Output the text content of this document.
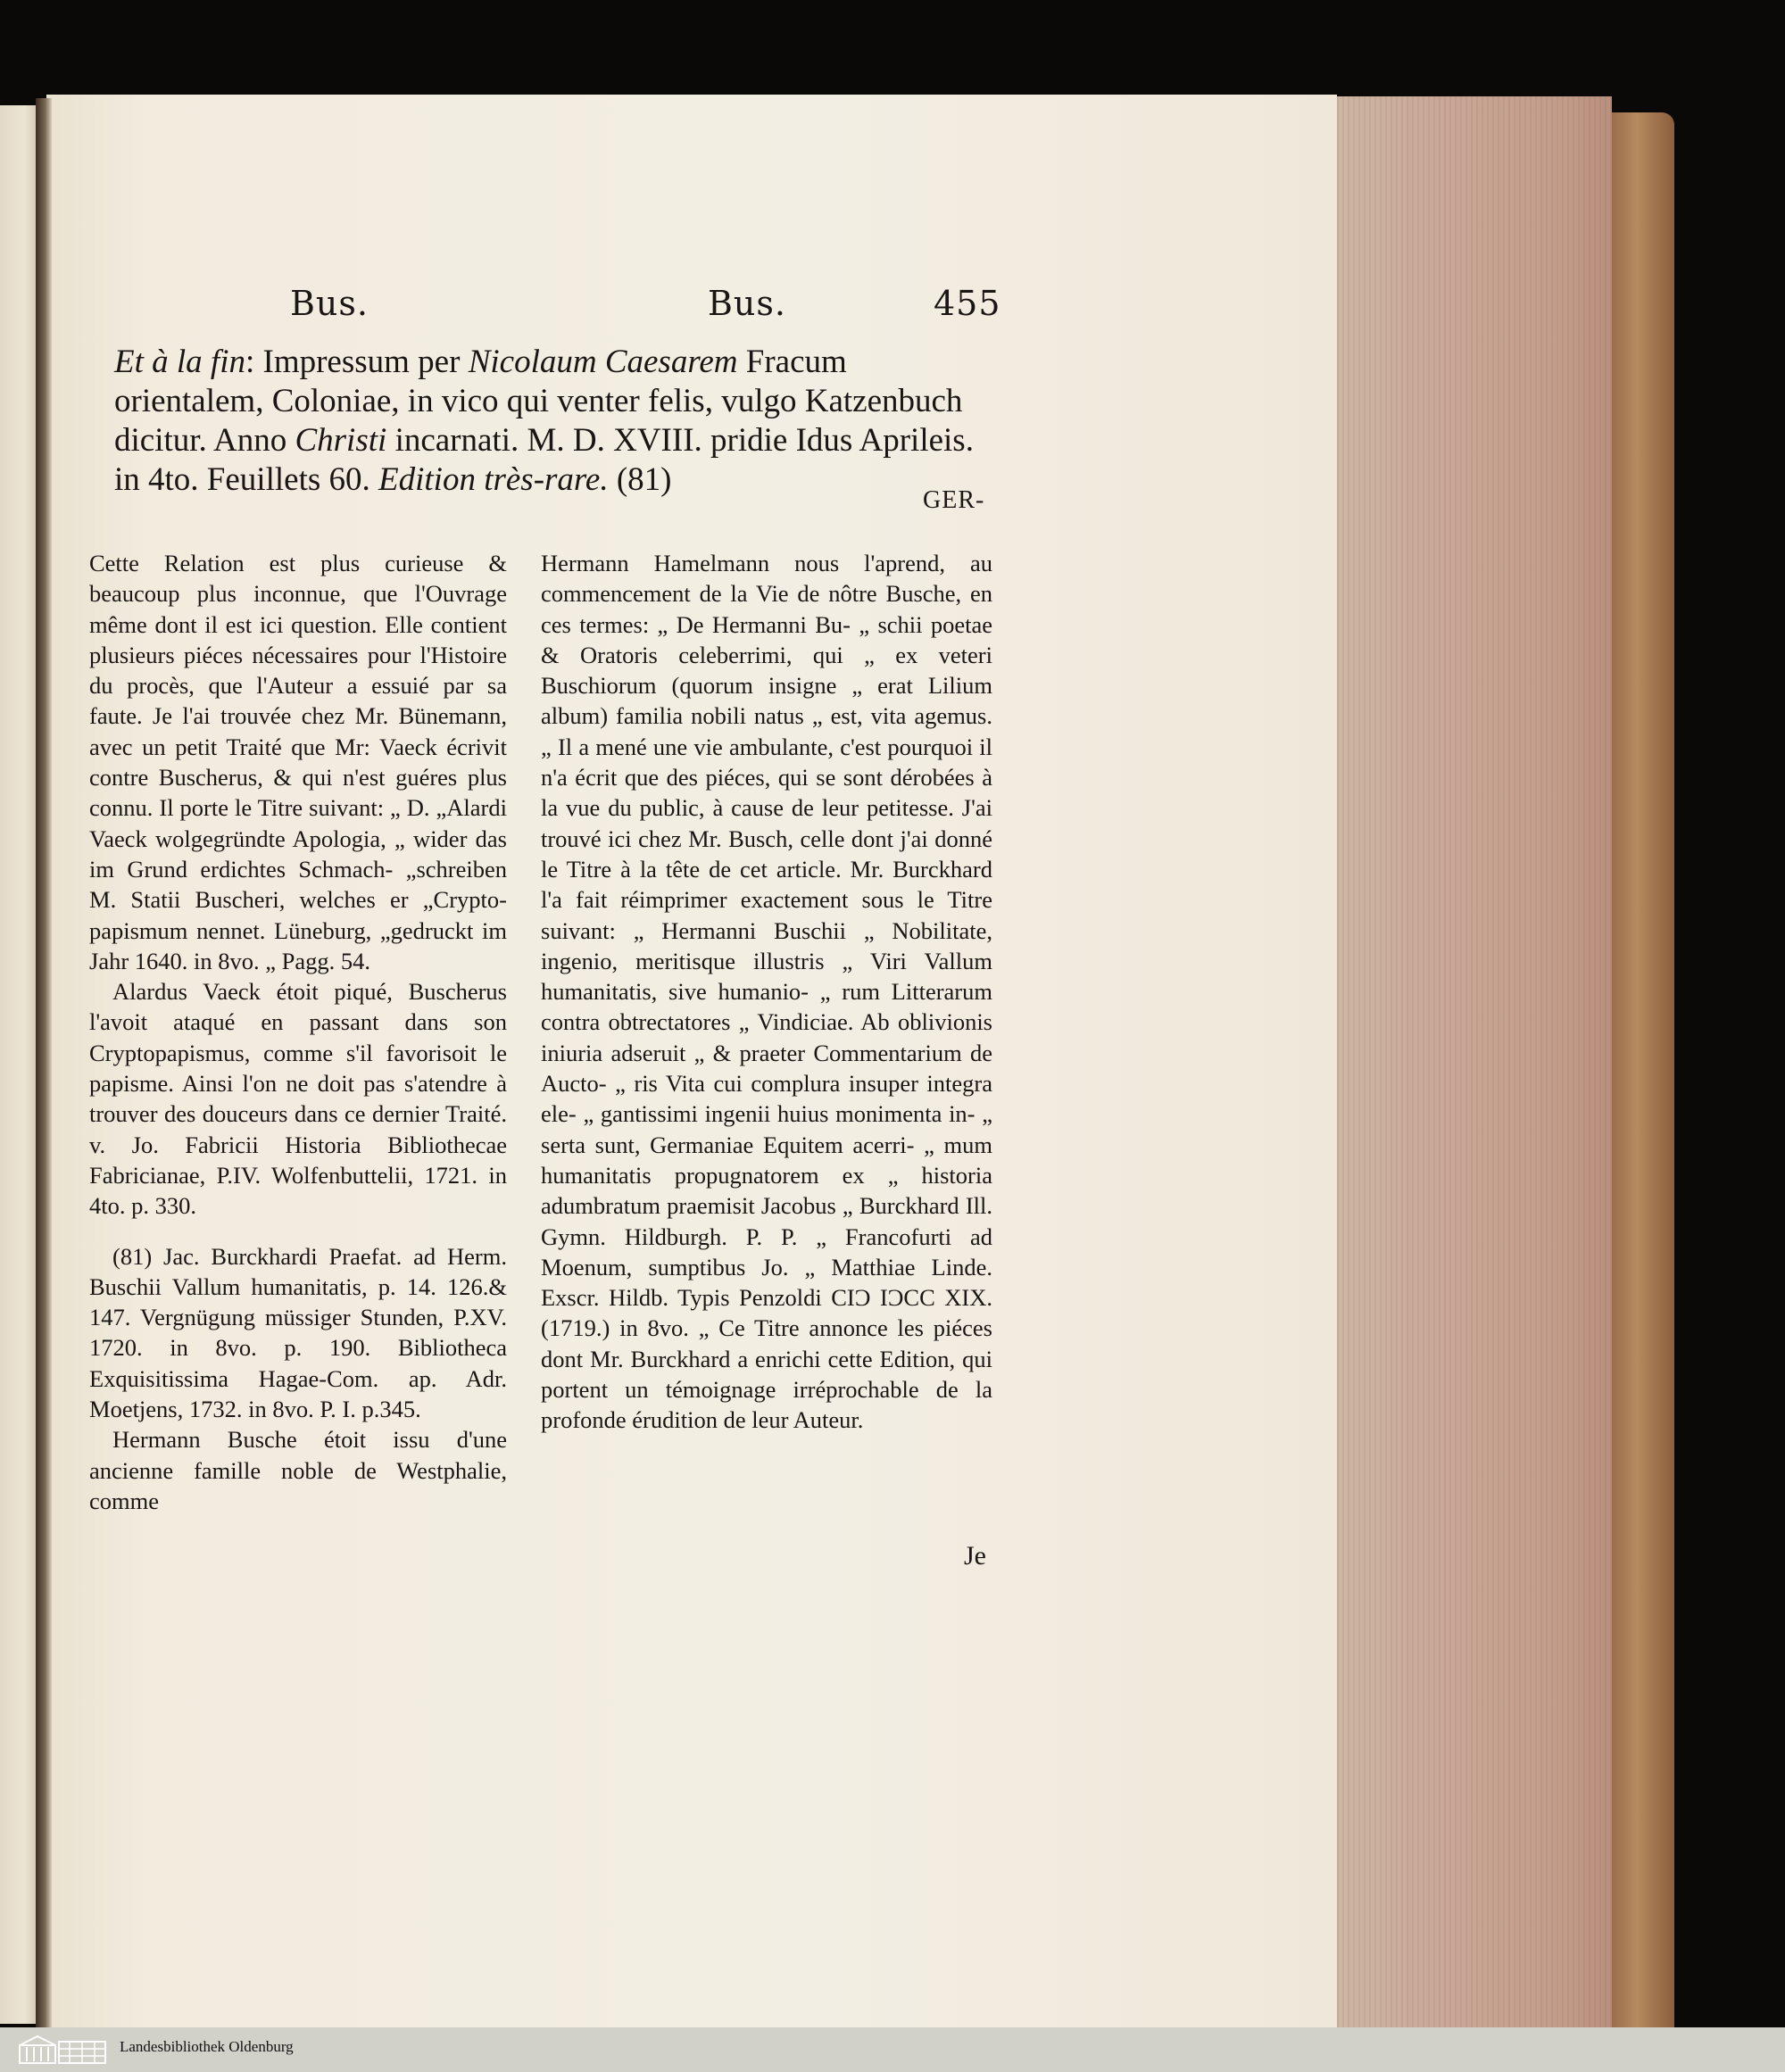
Bus.	Bus.	455
Et à la fin: Impressum per Nicolaum Caesarem Fracum orientalem, Coloniae, in vico qui venter felis, vulgo Katzenbuch dicitur. Anno Christi incarnati. M. D. XVIII. pridie Idus Aprileis. in 4to. Feuillets 60. Edition très-rare. (81)
GER-

Cette Relation est plus curieuse & beaucoup plus inconnue, que l'Ouvrage même dont il est ici question. Elle contient plusieurs piéces nécessaires pour l'Histoire du procès, que l'Auteur a essuié par sa faute. Je l'ai trouvée chez Mr. Bünemann, avec un petit Traité que Mr: Vaeck écrivit contre Buscherus, & qui n'est guéres plus connu. Il porte le Titre suivant: „ D. „Alardi Vaeck wolgegründte Apologia, „ wider das im Grund erdichtes Schmach- „schreiben M. Statii Buscheri, welches er „Crypto-papismum nennet. Lüneburg, „gedruckt im Jahr 1640. in 8vo. „ Pagg. 54.

Alardus Vaeck étoit piqué, Buscherus l'avoit ataqué en passant dans son Cryptopapismus, comme s'il favorisoit le papisme. Ainsi l'on ne doit pas s'atendre à trouver des douceurs dans ce dernier Traité. v. Jo. Fabricii Historia Bibliothecae Fabricianae, P.IV. Wolfenbuttelii, 1721. in 4to. p. 330.

(81) Jac. Burckhardi Praefat. ad Herm. Buschii Vallum humanitatis, p. 14. 126.& 147. Vergnügung müssiger Stunden, P.XV. 1720. in 8vo. p. 190. Bibliotheca Exquisitissima Hagae-Com. ap. Adr. Moetjens, 1732. in 8vo. P. I. p.345.

Hermann Busche étoit issu d'une ancienne famille noble de Westphalie, comme

Hermann Hamelmann nous l'aprend, au commencement de la Vie de nôtre Busche, en ces termes: „ De Hermanni Bu- „ schii poetae & Oratoris celeberrimi, qui „ ex veteri Buschiorum (quorum insigne „ erat Lilium album) familia nobili natus „ est, vita agemus. „ Il a mené une vie ambulante, c'est pourquoi il n'a écrit que des piéces, qui se sont dérobées à la vue du public, à cause de leur petitesse. J'ai trouvé ici chez Mr. Busch, celle dont j'ai donné le Titre à la tête de cet article. Mr. Burckhard l'a fait réimprimer exactement sous le Titre suivant: „ Hermanni Buschii „ Nobilitate, ingenio, meritisque illustris „ Viri Vallum humanitatis, sive humanio- „ rum Litterarum contra obtrectatores „ Vindiciae. Ab oblivionis iniuria adseruit „ & praeter Commentarium de Aucto- „ ris Vita cui complura insuper integra ele- „ gantissimi ingenii huius monimenta in- „ serta sunt, Germaniae Equitem acerri- „ mum humanitatis propugnatorem ex „ historia adumbratum praemisit Jacobus „ Burckhard Ill. Gymn. Hildburgh. P. P. „ Francofurti ad Moenum, sumptibus Jo. „ Matthiae Linde. Exscr. Hildb. Typis Penzoldi CIƆ IƆCC XIX. (1719.) in 8vo. „ Ce Titre annonce les piéces dont Mr. Burckhard a enrichi cette Edition, qui portent un témoignage irréprochable de la profonde érudition de leur Auteur.

Je
Landesbibliothek Oldenburg
